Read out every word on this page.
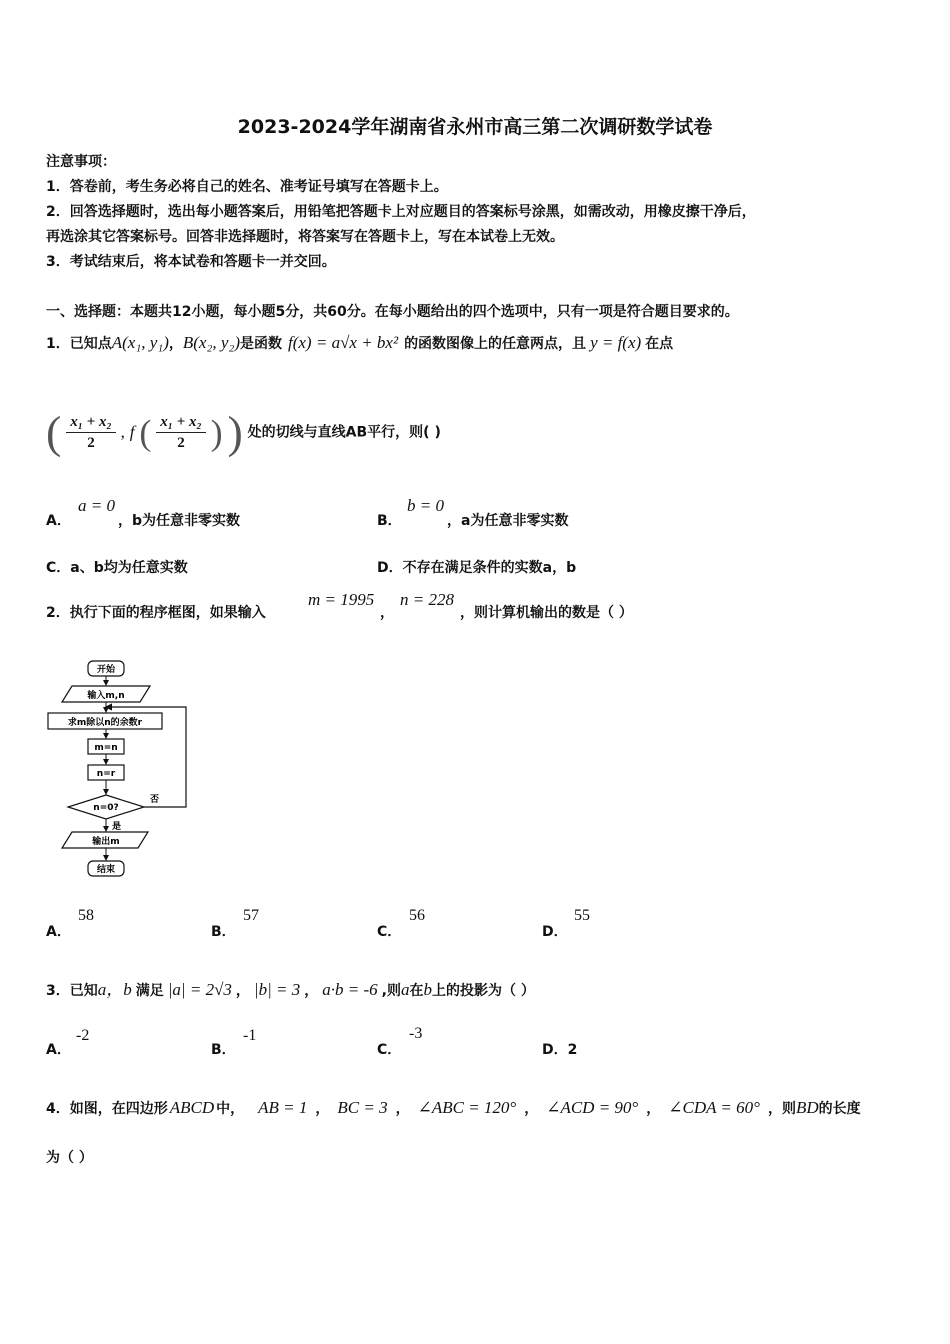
2023-2024学年湖南省永州市高三第二次调研数学试卷
注意事项：
1．答卷前，考生务必将自己的姓名、准考证号填写在答题卡上。
2．回答选择题时，选出每小题答案后，用铅笔把答题卡上对应题目的答案标号涂黑，如需改动，用橡皮擦干净后，
再选涂其它答案标号。回答非选择题时，将答案写在答题卡上，写在本试卷上无效。
3．考试结束后，将本试卷和答题卡一并交回。
一、选择题：本题共12小题，每小题5分，共60分。在每小题给出的四个选项中，只有一项是符合题目要求的。
1．已知点A(x₁, y₁)，B(x₂, y₂)是函数 f(x) = a√x + bx² 的函数图像上的任意两点，且 y = f(x) 在点
( $\frac{\text{x₁ + x₂}}{2}$ , f ( $\frac{\text{x₁ + x₂}}{2}$ ) ) 处的切线与直线AB平行，则( )
A．
a = 0
，b为任意非零实数	B．
b = 0
，a为任意非零实数
C．a、b均为任意实数	D．不存在满足条件的实数a，b
2．执行下面的程序框图，如果输入
m = 1995
，
n = 228
，则计算机输出的数是（ ）
开始
输入m,n
求m除以n的余数r
m=n
n=r
n=0?
否
是
输出m
结束
A．
58
B．
57
C．
56
D．
55
3．已知a，b 满足 |a| = 2√3 ， |b| = 3 ， a·b = -6 ,则a在b上的投影为（ ）
A．
-2
B．
-1
C．
-3
D．2
4．如图，在四边形 ABCD 中， AB = 1 ， BC = 3 ， ∠ABC = 120° ， ∠ACD = 90° ， ∠CDA = 60° ，则BD的长度
为（ ）
